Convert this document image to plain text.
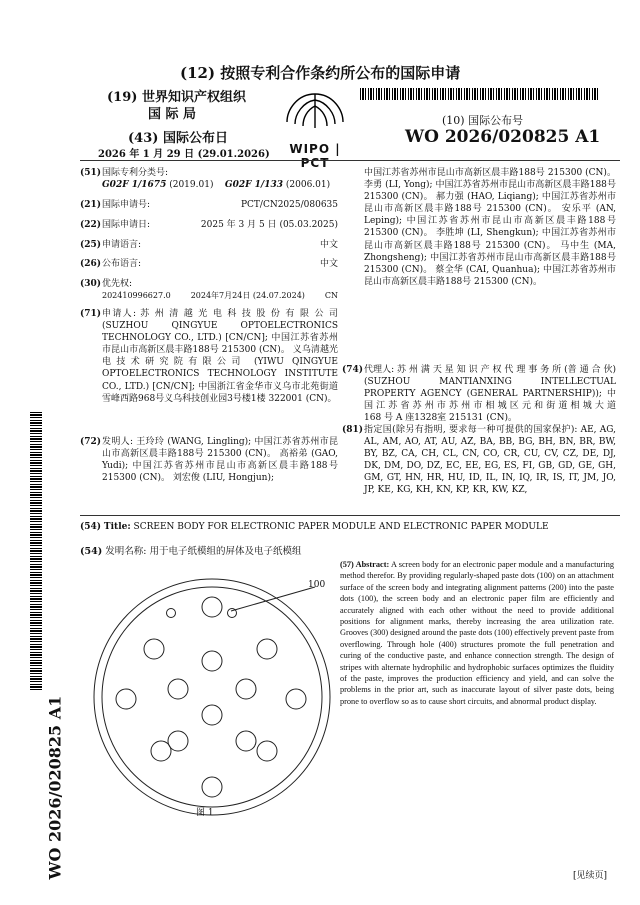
(12) 按照专利合作条约所公布的国际申请
(19) 世界知识产权组织
国 际 局
(43) 国际公布日
2026 年 1 月 29 日 (29.01.2026)	WIPO | PCT
(10) 国际公布号
WO 2026/020825 A1
(51) 国际专利分类号:
G02F 1/1675 (2019.01) G02F 1/133 (2006.01)
(21) 国际申请号:	PCT/CN2025/080635
(22) 国际申请日:	2025 年 3 月 5 日 (05.03.2025)
(25) 申请语言:	中文
(26) 公布语言:	中文
(30) 优先权:
202410996627.0 2024年7月24日 (24.07.2024) CN
(71) 申请人: 苏 州 清 越 光 电 科 技 股 份 有 限 公 司 (SUZHOU QINGYUE OPTOELECTRONICS TECHNOLOGY CO., LTD.) [CN/CN]; 中国江苏省苏州市昆山市高新区晨丰路188号 215300 (CN)。 义乌清越光电技术研究院有限公司 (YIWU QINGYUE OPTOELECTRONICS TECHNOLOGY INSTITUTE CO., LTD.) [CN/CN]; 中国浙江省金华市义乌市北苑街道雪峰西路968号义乌科技创业园3号楼1楼 322001 (CN)。
(72) 发明人: 王玲玲 (WANG, Lingling); 中国江苏省苏州市昆山市高新区晨丰路188号 215300 (CN)。 高裕弟 (GAO, Yudi); 中国江苏省苏州市昆山市高新区晨丰路188号 215300 (CN)。 刘宏俊 (LIU, Hongjun);
中国江苏省苏州市昆山市高新区晨丰路188号 215300 (CN)。 李勇 (LI, Yong); 中国江苏省苏州市昆山市高新区晨丰路188号 215300 (CN)。 郝力强 (HAO, Liqiang); 中国江苏省苏州市昆山市高新区晨丰路188号 215300 (CN)。 安乐平 (AN, Leping); 中国江苏省苏州市昆山市高新区晨丰路188号 215300 (CN)。 李胜坤 (LI, Shengkun); 中国江苏省苏州市昆山市高新区晨丰路188号 215300 (CN)。 马中生 (MA, Zhongsheng); 中国江苏省苏州市昆山市高新区晨丰路188号 215300 (CN)。 蔡全华 (CAI, Quanhua); 中国江苏省苏州市昆山市高新区晨丰路188号 215300 (CN)。
(74) 代理人: 苏 州 满 天 星 知 识 产 权 代 理 事 务 所 (普 通 合 伙) (SUZHOU MANTIANXING INTELLECTUAL PROPERTY AGENCY (GENERAL PARTNERSHIP)); 中 国 江 苏 省 苏 州 市 苏 州 市 相 城 区 元 和 街 道 相 城 大 道 168 号 A 座1328室 215131 (CN)。
(81) 指定国(除另有指明, 要求每一种可提供的国家保护): AE, AG, AL, AM, AO, AT, AU, AZ, BA, BB, BG, BH, BN, BR, BW, BY, BZ, CA, CH, CL, CN, CO, CR, CU, CV, CZ, DE, DJ, DK, DM, DO, DZ, EC, EE, EG, ES, FI, GB, GD, GE, GH, GM, GT, HN, HR, HU, ID, IL, IN, IQ, IR, IS, IT, JM, JO, JP, KE, KG, KH, KN, KP, KR, KW, KZ,
(54) Title: SCREEN BODY FOR ELECTRONIC PAPER MODULE AND ELECTRONIC PAPER MODULE
(54) 发明名称: 用于电子纸模组的屏体及电子纸模组
100
图 1
(57) Abstract: A screen body for an electronic paper module and a manufacturing method therefor. By providing regularly-shaped paste dots (100) on an attachment surface of the screen body and integrating alignment patterns (200) into the paste dots (100), the screen body and an electronic paper film are efficiently and accurately aligned with each other without the need to provide additional positions for alignment marks, thereby increasing the area utilization rate. Grooves (300) designed around the paste dots (100) effectively prevent paste from overflowing. Through hole (400) structures promote the full penetration and curing of the conductive paste, and enhance connection strength. The design of stripes with alternate hydrophilic and hydrophobic surfaces optimizes the fluidity of the paste, improves the production efficiency and yield, and can solve the problems in the prior art, such as inaccurate layout of silver paste dots, being prone to overflow so as to cause short circuits, and abnormal product display.
WO 2026/020825 A1	[见续页]
